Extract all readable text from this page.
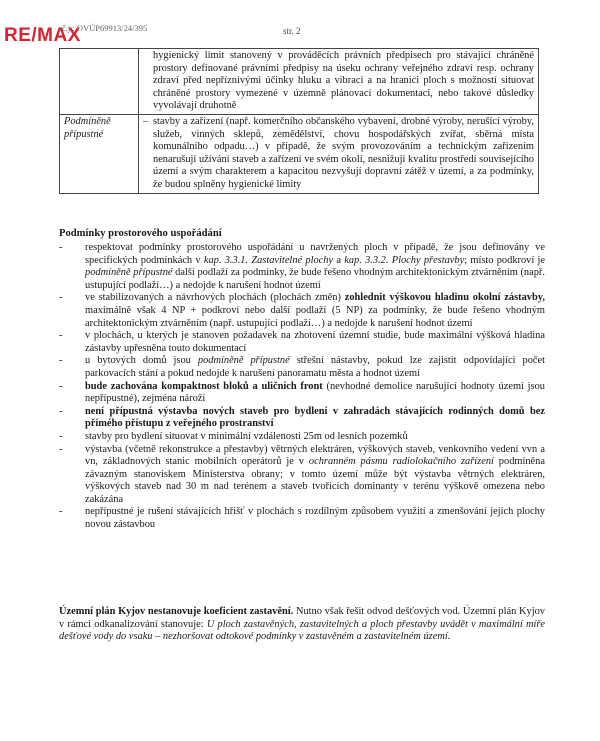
RE/MAX
č.j.: OVÚP69913/24/395	str. 2
	hygienický limit stanovený v prováděcích právních předpisech pro stávající chráněné prostory definované právními předpisy na úseku ochrany veřejného zdraví resp. ochrany zdraví před nepříznivými účinky hluku a vibrací a na hranici ploch s možností situovat chráněné prostory vymezené v územně plánovací dokumentaci, nebo takové důsledky vyvolávají druhotně
Podmíněně přípustné	– stavby a zařízení (např. komerčního občanského vybavení, drobné výroby, nerušící výroby, služeb, vinných sklepů, zemědělství, chovu hospodářských zvířat, sběrná místa komunálního odpadu…) v případě, že svým provozováním a technickým zařízením nenarušují užívání staveb a zařízení ve svém okolí, nesnižují kvalitu prostředí souvisejícího území a svým charakterem a kapacitou nezvyšují dopravní zátěž v území, a za podmínky, že budou splněny hygienické limity
Podmínky prostorového uspořádání
- respektovat podmínky prostorového uspořádání u navržených ploch v případě, že jsou definovány ve specifických podmínkách v kap. 3.3.1. Zastavitelné plochy a kap. 3.3.2. Plochy přestavby; místo podkroví je podmíněně přípustné další podlaží za podmínky, že bude řešeno vhodným architektonickým ztvárněním (např. ustupující podlaží…) a nedojde k narušení hodnot území
- ve stabilizovaných a návrhových plochách (plochách změn) zohlednit výškovou hladinu okolní zástavby, maximálně však 4 NP + podkroví nebo další podlaží (5 NP) za podmínky, že bude řešeno vhodným architektonickým ztvárněním (např. ustupující podlaží…) a nedojde k narušení hodnot území
- v plochách, u kterých je stanoven požadavek na zhotovení územní studie, bude maximální výšková hladina zástavby upřesněna touto dokumentací
- u bytových domů jsou podmíněně přípustné střešní nástavby, pokud lze zajistit odpovídající počet parkovacích stání a pokud nedojde k narušení panoramatu města a hodnot území
- bude zachována kompaktnost bloků a uličních front (nevhodné demolice narušující hodnoty území jsou nepřípustné), zejména nároží
- není přípustná výstavba nových staveb pro bydlení v zahradách stávajících rodinných domů bez přímého přístupu z veřejného prostranství
- stavby pro bydlení situovat v minimální vzdálenosti 25m od lesních pozemků
- výstavba (včetně rekonstrukce a přestavby) větrných elektráren, výškových staveb, venkovního vedení vvn a vn, základnových stanic mobilních operátorů je v ochranném pásmu radiolokačního zařízení podmíněna závazným stanoviskem Ministerstva obrany; v tomto území může být výstavba větrných elektráren, výškových staveb nad 30 m nad terénem a staveb tvořících dominanty v terénu výškově omezena nebo zakázána
- nepřípustné je rušení stávajících hřišť v plochách s rozdílným způsobem využití a zmenšování jejich plochy novou zástavbou

Územní plán Kyjov nestanovuje koeficient zastavění. Nutno však řešit odvod dešťových vod. Územní plán Kyjov v rámci odkanalizování stanovuje: U ploch zastavěných, zastavitelných a ploch přestavby uvádět v maximální míře dešťové vody do vsaku – nezhoršovat odtokové podmínky v zastavěném a zastavitelném území.
